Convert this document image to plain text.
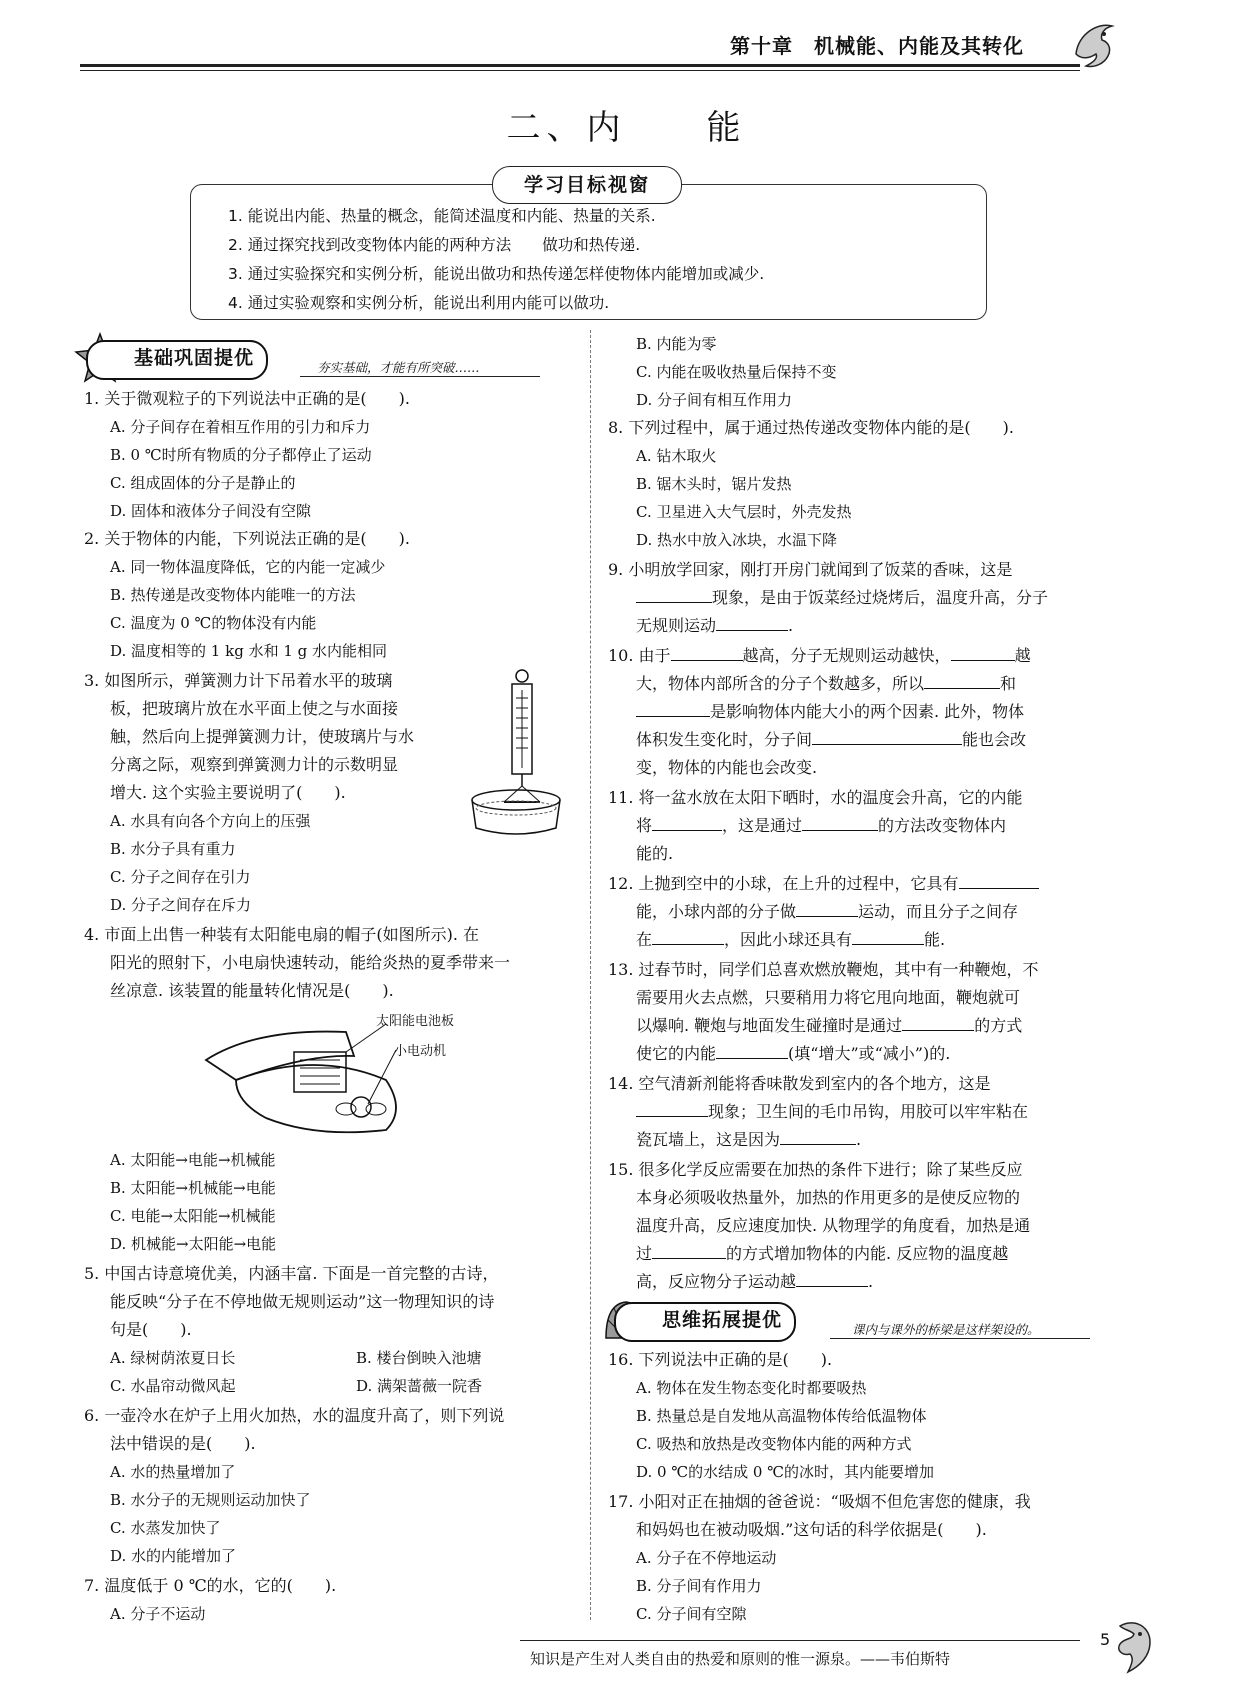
第十章　机械能、内能及其转化
二、内　　能
学习目标视窗
1. 能说出内能、热量的概念，能简述温度和内能、热量的关系.
2. 通过探究找到改变物体内能的两种方法　　做功和热传递.
3. 通过实验探究和实例分析，能说出做功和热传递怎样使物体内能增加或减少.
4. 通过实验观察和实例分析，能说出利用内能可以做功.
基础巩固提优	夯实基础，才能有所突破……
1. 关于微观粒子的下列说法中正确的是(　　).
A. 分子间存在着相互作用的引力和斥力
B. 0 ℃时所有物质的分子都停止了运动
C. 组成固体的分子是静止的
D. 固体和液体分子间没有空隙
2. 关于物体的内能，下列说法正确的是(　　).
A. 同一物体温度降低，它的内能一定减少
B. 热传递是改变物体内能唯一的方法
C. 温度为 0 ℃的物体没有内能
D. 温度相等的 1 kg 水和 1 g 水内能相同
3. 如图所示，弹簧测力计下吊着水平的玻璃
板，把玻璃片放在水平面上使之与水面接
触，然后向上提弹簧测力计，使玻璃片与水
分离之际，观察到弹簧测力计的示数明显
增大. 这个实验主要说明了(　　).
A. 水具有向各个方向上的压强
B. 水分子具有重力
C. 分子之间存在引力
D. 分子之间存在斥力
4. 市面上出售一种装有太阳能电扇的帽子(如图所示). 在
阳光的照射下，小电扇快速转动，能给炎热的夏季带来一
丝凉意. 该装置的能量转化情况是(　　).
太阳能电池板
小电动机
A. 太阳能→电能→机械能
B. 太阳能→机械能→电能
C. 电能→太阳能→机械能
D. 机械能→太阳能→电能
5. 中国古诗意境优美，内涵丰富. 下面是一首完整的古诗，
能反映“分子在不停地做无规则运动”这一物理知识的诗
句是(　　).
A. 绿树荫浓夏日长	B. 楼台倒映入池塘
C. 水晶帘动微风起	D. 满架蔷薇一院香
6. 一壶冷水在炉子上用火加热，水的温度升高了，则下列说
法中错误的是(　　).
A. 水的热量增加了
B. 水分子的无规则运动加快了
C. 水蒸发加快了
D. 水的内能增加了
7. 温度低于 0 ℃的水，它的(　　).
A. 分子不运动
B. 内能为零
C. 内能在吸收热量后保持不变
D. 分子间有相互作用力
8. 下列过程中，属于通过热传递改变物体内能的是(　　).
A. 钻木取火
B. 锯木头时，锯片发热
C. 卫星进入大气层时，外壳发热
D. 热水中放入冰块，水温下降
9. 小明放学回家，刚打开房门就闻到了饭菜的香味，这是
现象，是由于饭菜经过烧烤后，温度升高，分子
无规则运动	.
10. 由于	越高，分子无规则运动越快，	越
大，物体内部所含的分子个数越多，所以	和
是影响物体内能大小的两个因素. 此外，物体
体积发生变化时，分子间	能也会改
变，物体的内能也会改变.
11. 将一盆水放在太阳下晒时，水的温度会升高，它的内能
将	，这是通过	的方法改变物体内
能的.
12. 上抛到空中的小球，在上升的过程中，它具有
能，小球内部的分子做	运动，而且分子之间存
在	，因此小球还具有	能.
13. 过春节时，同学们总喜欢燃放鞭炮，其中有一种鞭炮，不
需要用火去点燃，只要稍用力将它甩向地面，鞭炮就可
以爆响. 鞭炮与地面发生碰撞时是通过	的方式
使它的内能	(填“增大”或“减小”)的.
14. 空气清新剂能将香味散发到室内的各个地方，这是
现象；卫生间的毛巾吊钩，用胶可以牢牢粘在
瓷瓦墙上，这是因为	.
15. 很多化学反应需要在加热的条件下进行；除了某些反应
本身必须吸收热量外，加热的作用更多的是使反应物的
温度升高，反应速度加快. 从物理学的角度看，加热是通
过	的方式增加物体的内能. 反应物的温度越
高，反应物分子运动越	.
思维拓展提优	课内与课外的桥梁是这样架设的。
16. 下列说法中正确的是(　　).
A. 物体在发生物态变化时都要吸热
B. 热量总是自发地从高温物体传给低温物体
C. 吸热和放热是改变物体内能的两种方式
D. 0 ℃的水结成 0 ℃的冰时，其内能要增加
17. 小阳对正在抽烟的爸爸说：“吸烟不但危害您的健康，我
和妈妈也在被动吸烟.”这句话的科学依据是(　　).
A. 分子在不停地运动
B. 分子间有作用力
C. 分子间有空隙
知识是产生对人类自由的热爱和原则的惟一源泉。——韦伯斯特
5
